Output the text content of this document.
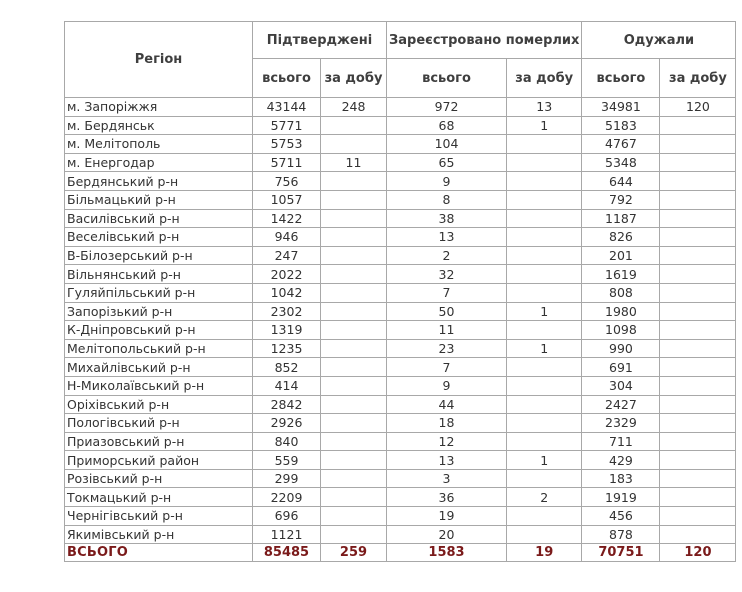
Регіон	Підтверджені		Зареєстровано померлих		Одужали	
	всього	за добу	всього	за добу	всього	за добу
м. Запоріжжя	43144	248	972	13	34981	120
м. Бердянськ	5771		68	1	5183	
м. Мелітополь	5753		104		4767	
м. Енергодар	5711	11	65		5348	
Бердянський р-н	756		9		644	
Більмацький р-н	1057		8		792	
Василівський р-н	1422		38		1187	
Веселівський р-н	946		13		826	
В-Білозерський р-н	247		2		201	
Вільнянський р-н	2022		32		1619	
Гуляйпільський р-н	1042		7		808	
Запорізький р-н	2302		50	1	1980	
К-Дніпровський р-н	1319		11		1098	
Мелітопольський р-н	1235		23	1	990	
Михайлівський р-н	852		7		691	
Н-Миколаївський р-н	414		9		304	
Оріхівський р-н	2842		44		2427	
Пологівський р-н	2926		18		2329	
Приазовський р-н	840		12		711	
Приморський район	559		13	1	429	
Розівський р-н	299		3		183	
Токмацький р-н	2209		36	2	1919	
Чернігівський р-н	696		19		456	
Якимівський р-н	1121		20		878	
ВСЬОГО	85485	259	1583	19	70751	120
